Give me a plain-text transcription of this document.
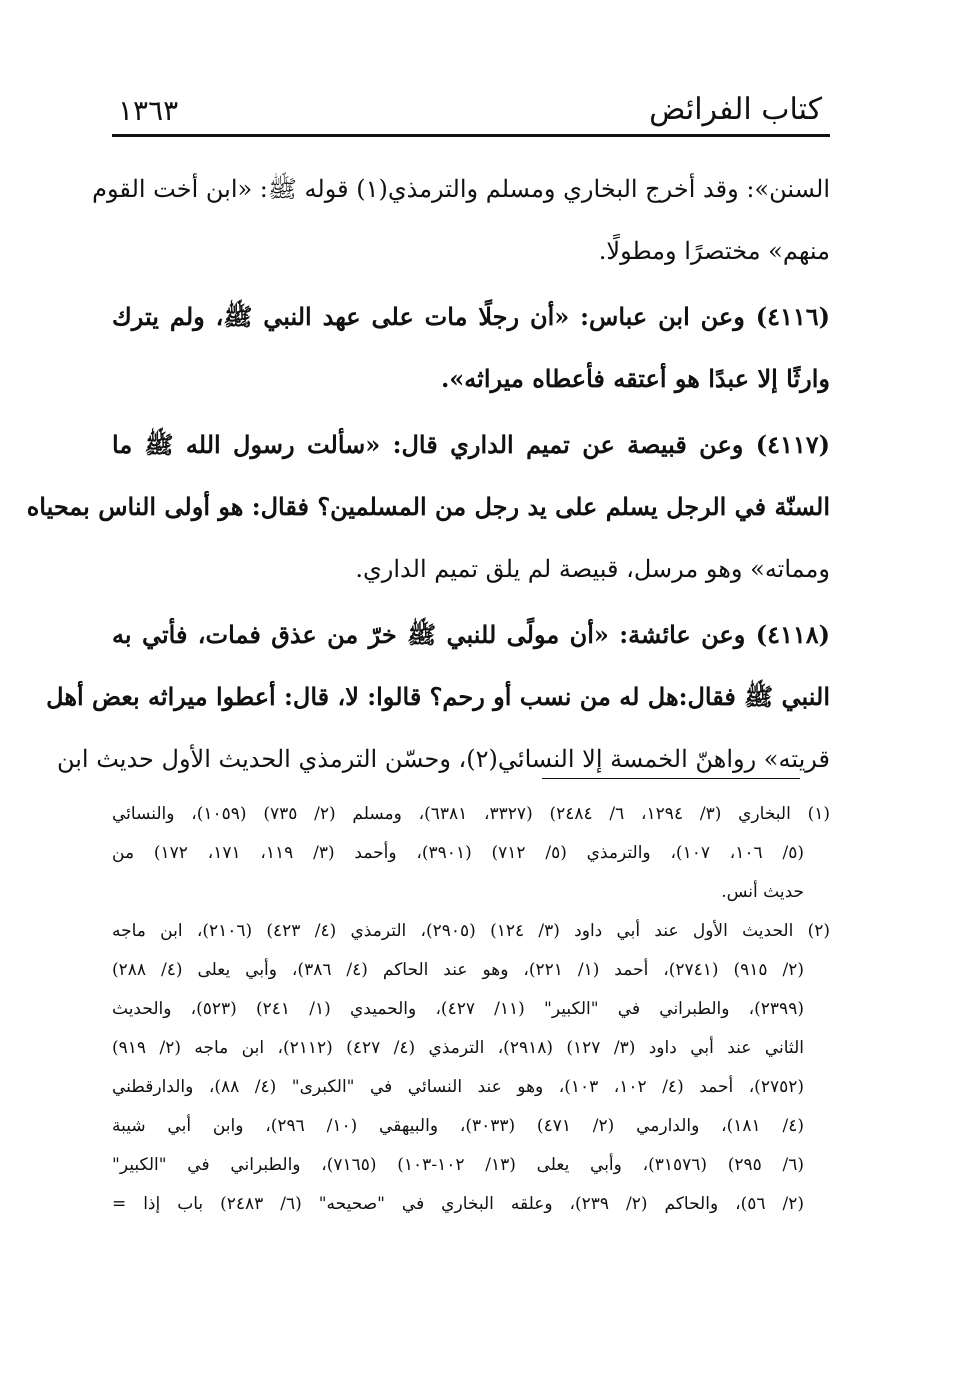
كتاب الفرائض
١٣٦٣
السنن»: وقد أخرج البخاري ومسلم والترمذي(١) قوله ﷺ: «ابن أخت القوم
منهم» مختصرًا ومطولًا.
(٤١١٦) وعن ابن عباس: «أن رجلًا مات على عهد النبي ﷺ، ولم يترك
وارثًا إلا عبدًا هو أعتقه فأعطاه ميراثه».
(٤١١٧) وعن قبيصة عن تميم الداري قال: «سألت رسول الله ﷺ ما
السنّة في الرجل يسلم على يد رجل من المسلمين؟ فقال: هو أولى الناس بمحياه
ومماته» وهو مرسل، قبيصة لم يلق تميم الداري.
(٤١١٨) وعن عائشة: «أن مولًى للنبي ﷺ خرّ من عذق فمات، فأتي به
النبي ﷺ فقال:هل له من نسب أو رحم؟ قالوا: لا، قال: أعطوا ميراثه بعض أهل
قريته» رواهنّ الخمسة إلا النسائي(٢)، وحسّن الترمذي الحديث الأول حديث ابن
(١) البخاري (٣/ ١٢٩٤، ٦/ ٢٤٨٤) (٣٣٢٧، ٦٣٨١)، ومسلم (٢/ ٧٣٥) (١٠٥٩)، والنسائي
(٥/ ١٠٦، ١٠٧)، والترمذي (٥/ ٧١٢) (٣٩٠١)، وأحمد (٣/ ١١٩، ١٧١، ١٧٢) من
حديث أنس.
(٢) الحديث الأول عند أبي داود (٣/ ١٢٤) (٢٩٠٥)، الترمذي (٤/ ٤٢٣) (٢١٠٦)، ابن ماجه
(٢/ ٩١٥) (٢٧٤١)، أحمد (١/ ٢٢١)، وهو عند الحاكم (٤/ ٣٨٦)، وأبي يعلى (٤/ ٢٨٨)
(٢٣٩٩)، والطبراني في "الكبير" (١١/ ٤٢٧)، والحميدي (١/ ٢٤١) (٥٢٣)، والحديث
الثاني عند أبي داود (٣/ ١٢٧) (٢٩١٨)، الترمذي (٤/ ٤٢٧) (٢١١٢)، ابن ماجه (٢/ ٩١٩)
(٢٧٥٢)، أحمد (٤/ ١٠٢، ١٠٣)، وهو عند النسائي في "الكبرى" (٤/ ٨٨)، والدارقطني
(٤/ ١٨١)، والدارمي (٢/ ٤٧١) (٣٠٣٣)، والبيهقي (١٠/ ٢٩٦)، وابن أبي شيبة
(٦/ ٢٩٥) (٣١٥٧٦)، وأبي يعلى (١٣/ ١٠٢-١٠٣) (٧١٦٥)، والطبراني في "الكبير"
(٢/ ٥٦)، والحاكم (٢/ ٢٣٩)، وعلقه البخاري في "صحيحه" (٦/ ٢٤٨٣) باب إذا =
